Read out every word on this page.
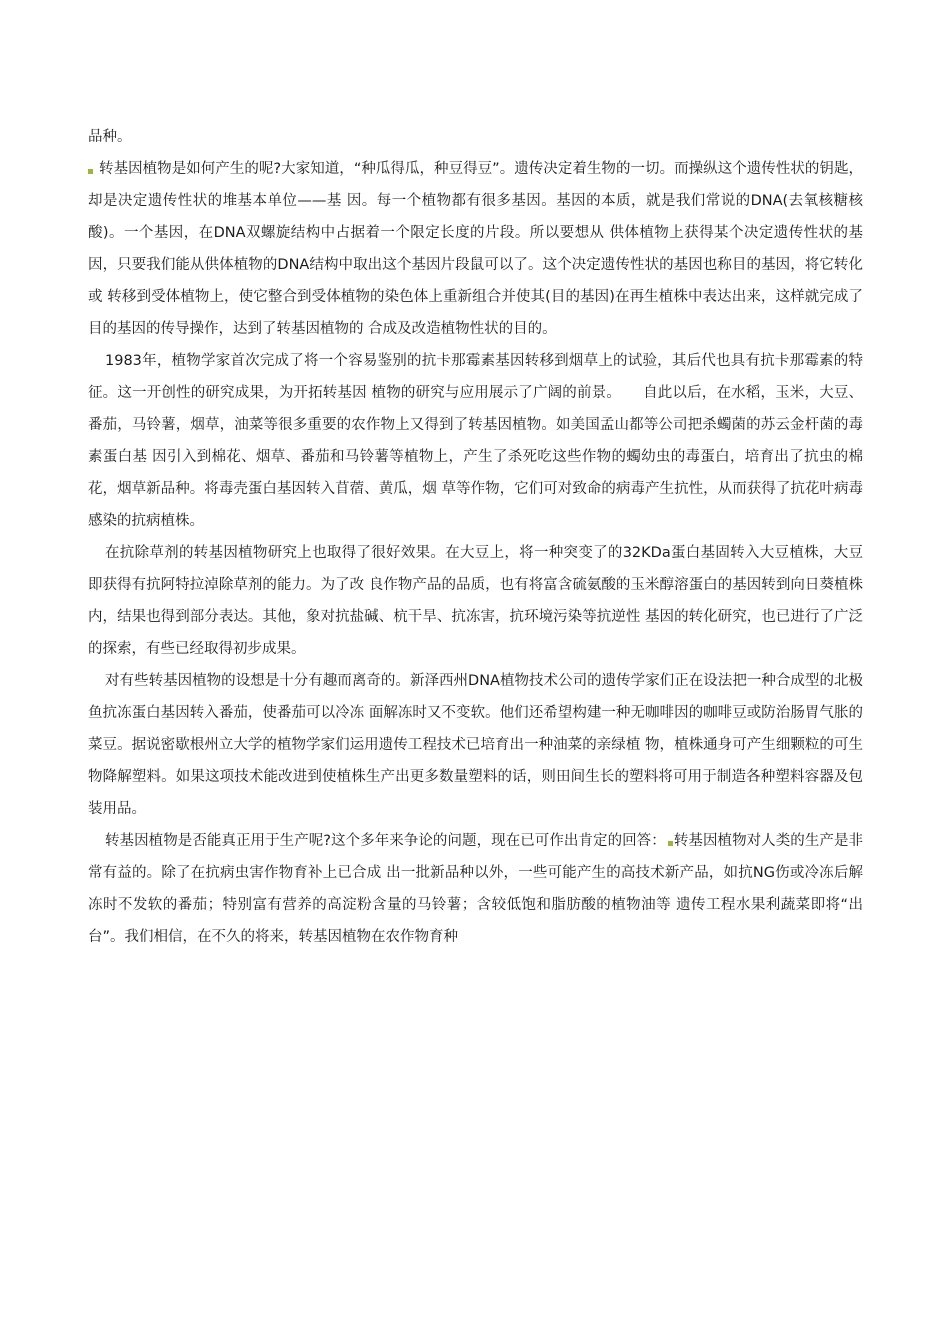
品种。

转基因植物是如何产生的呢?大家知道，“种瓜得瓜，种豆得豆”。遗传决定着生物的一切。而操纵这个遗传性状的钥匙，却是决定遗传性状的堆基本单位——基 因。每一个植物都有很多基因。基因的本质，就是我们常说的DNA(去氧核糖核酸)。一个基因，在DNA双螺旋结构中占据着一个限定长度的片段。所以要想从 供体植物上获得某个决定遗传性状的基因，只要我们能从供体植物的DNA结构中取出这个基因片段鼠可以了。这个决定遗传性状的基因也称目的基因，将它转化或 转移到受体植物上，使它整合到受体植物的染色体上重新组合并使其(目的基因)在再生植株中表达出来，这样就完成了目的基因的传导操作，达到了转基因植物的 合成及改造植物性状的目的。

1983年，植物学家首次完成了将一个容易鉴别的抗卡那霉素基因转移到烟草上的试验，其后代也具有抗卡那霉素的特征。这一开创性的研究成果，为开拓转基因 植物的研究与应用展示了广阔的前景。　　自此以后，在水稻，玉米，大豆、番茄，马铃薯，烟草，油菜等很多重要的农作物上又得到了转基因植物。如美国孟山都等公司把杀蠋菌的苏云金杆菌的毒素蛋白基 因引入到棉花、烟草、番茄和马铃薯等植物上，产生了杀死吃这些作物的蠋幼虫的毒蛋白，培育出了抗虫的棉花，烟草新品种。将毒壳蛋白基因转入苜蓿、黄瓜，烟 草等作物，它们可对致命的病毒产生抗性，从而获得了抗花叶病毒感染的抗病植株。

在抗除草剂的转基因植物研究上也取得了很好效果。在大豆上，将一种突变了的32KDa蛋白基固转入大豆植株，大豆即获得有抗阿特拉淖除草剂的能力。为了改 良作物产品的品质，也有将富含硫氨酸的玉米醇溶蛋白的基因转到向日葵植株内，结果也得到部分表达。其他，象对抗盐碱、杭干旱、抗冻害，抗环境污染等抗逆性 基因的转化研究，也已进行了广泛的探索，有些已经取得初步成果。

对有些转基因植物的设想是十分有趣而离奇的。新泽西州DNA植物技术公司的遗传学家们正在设法把一种合成型的北极鱼抗冻蛋白基因转入番茄，使番茄可以冷冻 面解冻时又不变软。他们还希望构建一种无咖啡因的咖啡豆或防治肠胃气胀的菜豆。据说密歇根州立大学的植物学家们运用遗传工程技术已培育出一种油菜的亲绿植 物，植株通身可产生细颗粒的可生物降解塑料。如果这项技术能改进到使植株生产出更多数量塑料的话，则田间生长的塑料将可用于制造各种塑料容器及包装用品。

转基因植物是否能真正用于生产呢?这个多年来争论的问题，现在已可作出肯定的回答： 转基因植物对人类的生产是非常有益的。除了在抗病虫害作物育补上已合成 出一批新品种以外，一些可能产生的高技术新产品，如抗NG伤或冷冻后解冻时不发软的番茄；特别富有营养的高淀粉含量的马铃薯；含较低饱和脂肪酸的植物油等 遗传工程水果利蔬菜即将“出台”。我们相信，在不久的将来，转基因植物在农作物育种
